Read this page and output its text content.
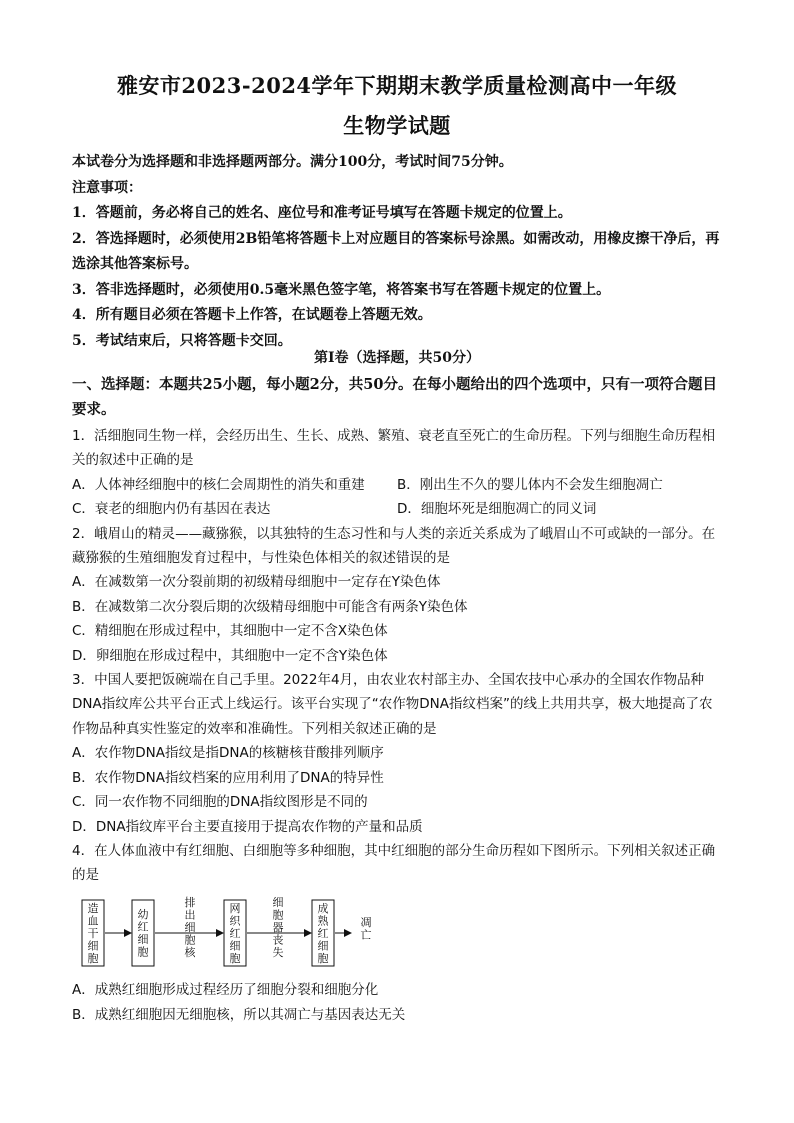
雅安市2023-2024学年下期期末教学质量检测高中一年级
生物学试题

本试卷分为选择题和非选择题两部分。满分100分，考试时间75分钟。

注意事项：

1．答题前，务必将自己的姓名、座位号和准考证号填写在答题卡规定的位置上。

2．答选择题时，必须使用2B铅笔将答题卡上对应题目的答案标号涂黑。如需改动，用橡皮擦干净后，再选涂其他答案标号。

3．答非选择题时，必须使用0.5毫米黑色签字笔，将答案书写在答题卡规定的位置上。

4．所有题目必须在答题卡上作答，在试题卷上答题无效。

5．考试结束后，只将答题卡交回。

第Ⅰ卷（选择题，共50分）
一、选择题：本题共25小题，每小题2分，共50分。在每小题给出的四个选项中，只有一项符合题目要求。

1．活细胞同生物一样，会经历出生、生长、成熟、繁殖、衰老直至死亡的生命历程。下列与细胞生命历程相关的叙述中正确的是

A．人体神经细胞中的核仁会周期性的消失和重建	B．刚出生不久的婴儿体内不会发生细胞凋亡
C．衰老的细胞内仍有基因在表达	D．细胞坏死是细胞凋亡的同义词

2．峨眉山的精灵——藏猕猴，以其独特的生态习性和与人类的亲近关系成为了峨眉山不可或缺的一部分。在藏猕猴的生殖细胞发育过程中，与性染色体相关的叙述错误的是

A．在减数第一次分裂前期的初级精母细胞中一定存在Y染色体

B．在减数第二次分裂后期的次级精母细胞中可能含有两条Y染色体

C．精细胞在形成过程中，其细胞中一定不含X染色体

D．卵细胞在形成过程中，其细胞中一定不含Y染色体

3．中国人要把饭碗端在自己手里。2022年4月，由农业农村部主办、全国农技中心承办的全国农作物品种DNA指纹库公共平台正式上线运行。该平台实现了“农作物DNA指纹档案”的线上共用共享，极大地提高了农作物品种真实性鉴定的效率和准确性。下列相关叙述正确的是

A．农作物DNA指纹是指DNA的核糖核苷酸排列顺序

B．农作物DNA指纹档案的应用利用了DNA的特异性

C．同一农作物不同细胞的DNA指纹图形是不同的

D．DNA指纹库平台主要直接用于提高农作物的产量和品质

4．在人体血液中有红细胞、白细胞等多种细胞，其中红细胞的部分生命历程如下图所示。下列相关叙述正确的是

造血干细胞
幼红细胞
网织红细胞
成熟红细胞
排出细胞核
细胞器丧失
凋亡

A．成熟红细胞形成过程经历了细胞分裂和细胞分化

B．成熟红细胞因无细胞核，所以其凋亡与基因表达无关
